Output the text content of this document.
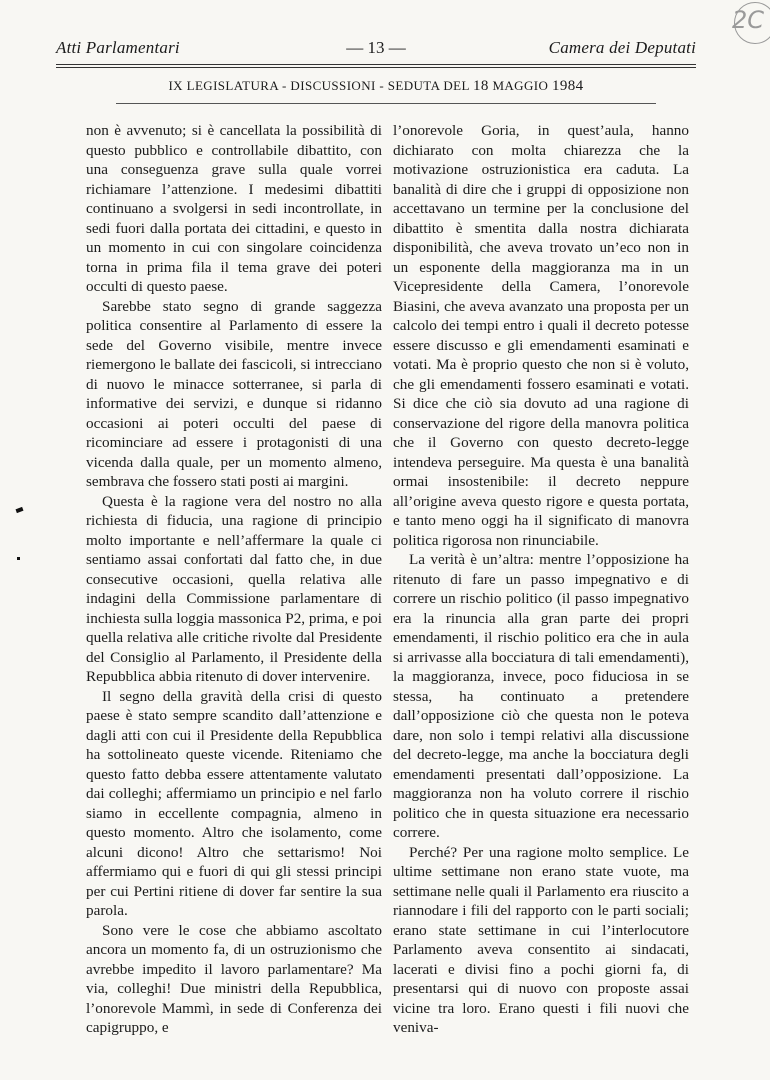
Atti Parlamentari	— 13 —	Camera dei Deputati
IX LEGISLATURA - DISCUSSIONI - SEDUTA DEL 18 MAGGIO 1984
2C

non è avvenuto; si è cancellata la possibilità di questo pubblico e controllabile dibattito, con una conseguenza grave sulla quale vorrei richiamare l’attenzione. I medesimi dibattiti continuano a svolgersi in sedi incontrollate, in sedi fuori dalla portata dei cittadini, e questo in un momento in cui con singolare coincidenza torna in prima fila il tema grave dei poteri occulti di questo paese.

Sarebbe stato segno di grande saggezza politica consentire al Parlamento di essere la sede del Governo visibile, mentre invece riemergono le ballate dei fascicoli, si intrecciano di nuovo le minacce sotterranee, si parla di informative dei servizi, e dunque si ridanno occasioni ai poteri occulti del paese di ricominciare ad essere i protagonisti di una vicenda dalla quale, per un momento almeno, sembrava che fossero stati posti ai margini.

Questa è la ragione vera del nostro no alla richiesta di fiducia, una ragione di principio molto importante e nell’affermare la quale ci sentiamo assai confortati dal fatto che, in due consecutive occasioni, quella relativa alle indagini della Commissione parlamentare di inchiesta sulla loggia massonica P2, prima, e poi quella relativa alle critiche rivolte dal Presidente del Consiglio al Parlamento, il Presidente della Repubblica abbia ritenuto di dover intervenire.

Il segno della gravità della crisi di questo paese è stato sempre scandito dall’attenzione e dagli atti con cui il Presidente della Repubblica ha sottolineato queste vicende. Riteniamo che questo fatto debba essere attentamente valutato dai colleghi; affermiamo un principio e nel farlo siamo in eccellente compagnia, almeno in questo momento. Altro che isolamento, come alcuni dicono! Altro che settarismo! Noi affermiamo qui e fuori di qui gli stessi principi per cui Pertini ritiene di dover far sentire la sua parola.

Sono vere le cose che abbiamo ascoltato ancora un momento fa, di un ostruzionismo che avrebbe impedito il lavoro parlamentare? Ma via, colleghi! Due ministri della Repubblica, l’onorevole Mammì, in sede di Conferenza dei capigruppo, e

l’onorevole Goria, in quest’aula, hanno dichiarato con molta chiarezza che la motivazione ostruzionistica era caduta. La banalità di dire che i gruppi di opposizione non accettavano un termine per la conclusione del dibattito è smentita dalla nostra dichiarata disponibilità, che aveva trovato un’eco non in un esponente della maggioranza ma in un Vicepresidente della Camera, l’onorevole Biasini, che aveva avanzato una proposta per un calcolo dei tempi entro i quali il decreto potesse essere discusso e gli emendamenti esaminati e votati. Ma è proprio questo che non si è voluto, che gli emendamenti fossero esaminati e votati. Si dice che ciò sia dovuto ad una ragione di conservazione del rigore della manovra politica che il Governo con questo decreto-legge intendeva perseguire. Ma questa è una banalità ormai insostenibile: il decreto neppure all’origine aveva questo rigore e questa portata, e tanto meno oggi ha il significato di manovra politica rigorosa non rinunciabile.

La verità è un’altra: mentre l’opposizione ha ritenuto di fare un passo impegnativo e di correre un rischio politico (il passo impegnativo era la rinuncia alla gran parte dei propri emendamenti, il rischio politico era che in aula si arrivasse alla bocciatura di tali emendamenti), la maggioranza, invece, poco fiduciosa in se stessa, ha continuato a pretendere dall’opposizione ciò che questa non le poteva dare, non solo i tempi relativi alla discussione del decreto-legge, ma anche la bocciatura degli emendamenti presentati dall’opposizione. La maggioranza non ha voluto correre il rischio politico che in questa situazione era necessario correre.

Perché? Per una ragione molto semplice. Le ultime settimane non erano state vuote, ma settimane nelle quali il Parlamento era riuscito a riannodare i fili del rapporto con le parti sociali; erano state settimane in cui l’interlocutore Parlamento aveva consentito ai sindacati, lacerati e divisi fino a pochi giorni fa, di presentarsi qui di nuovo con proposte assai vicine tra loro. Erano questi i fili nuovi che veniva-
